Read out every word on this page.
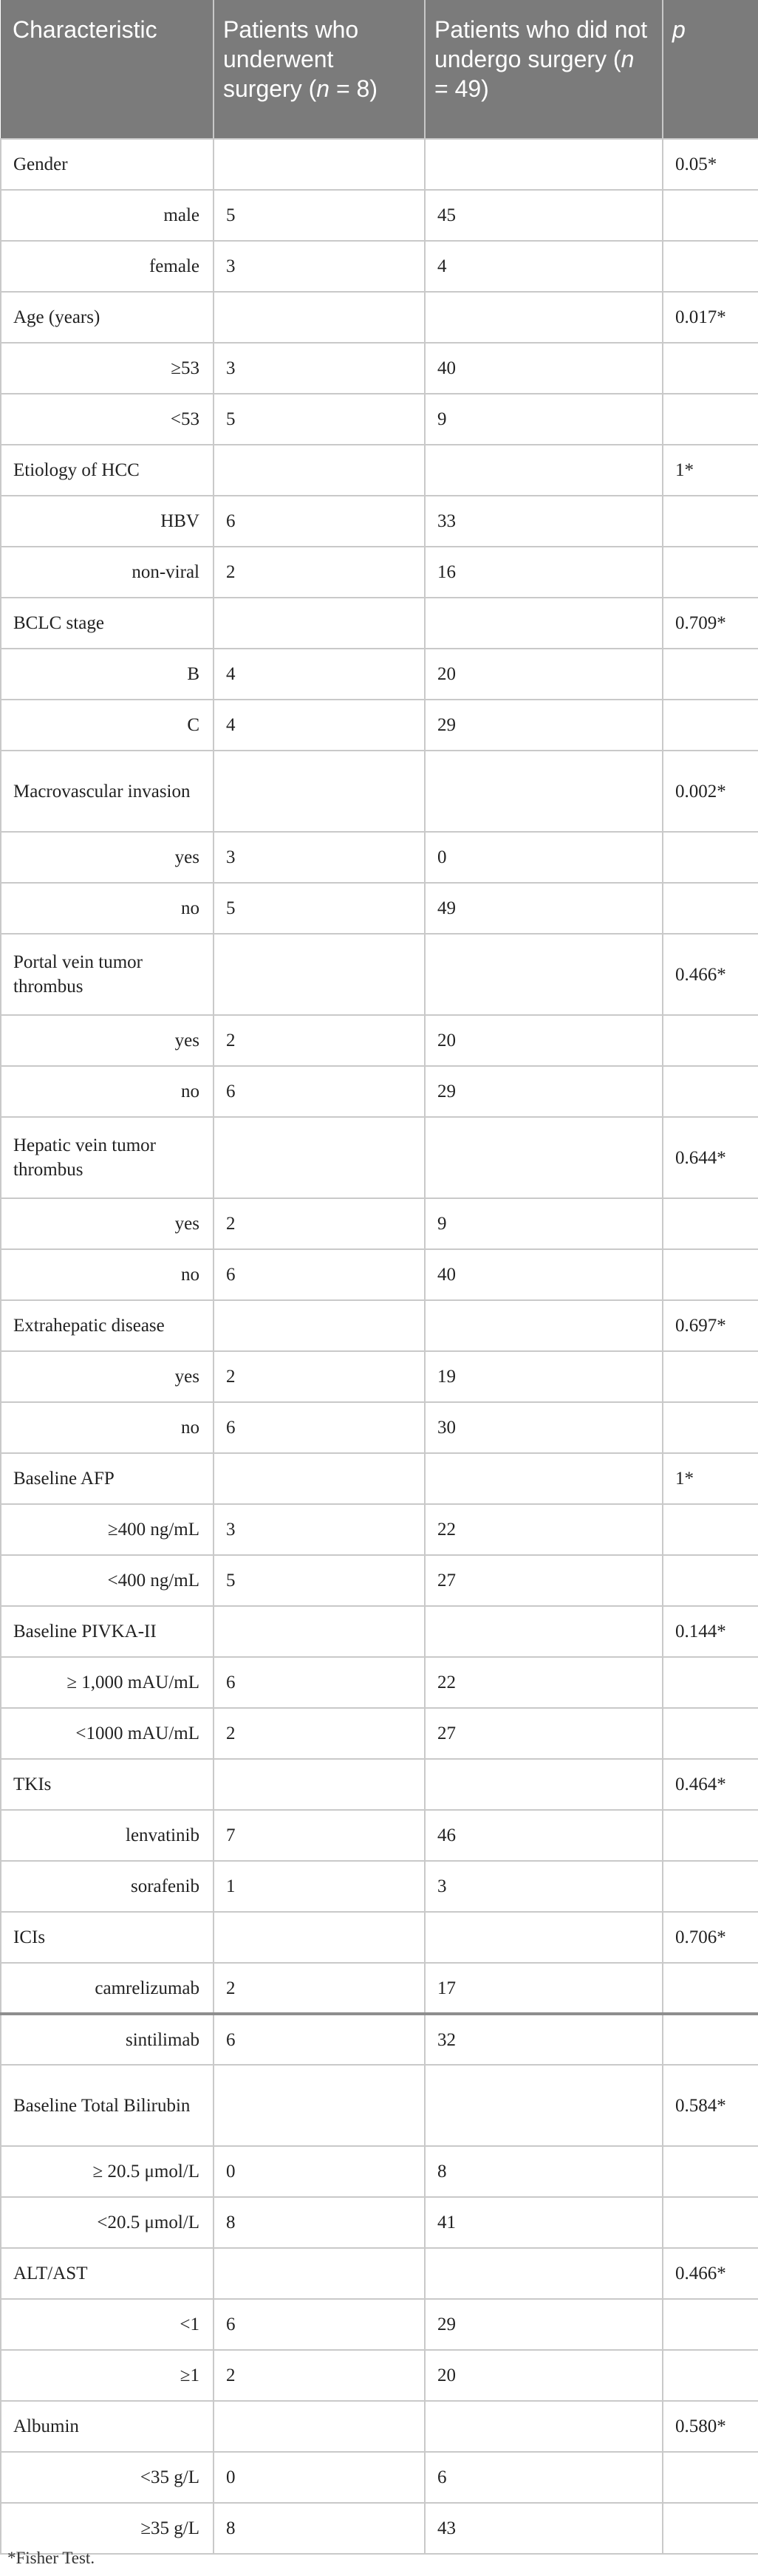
Characteristic	Patients who underwent surgery (n = 8)	Patients who did not undergo surgery (n = 49)	p
Gender			0.05*
male	5	45	
female	3	4	
Age (years)			0.017*
≥53	3	40	
<53	5	9	
Etiology of HCC			1*
HBV	6	33	
non-viral	2	16	
BCLC stage			0.709*
B	4	20	
C	4	29	
Macrovascular invasion			0.002*
yes	3	0	
no	5	49	
Portal vein tumor thrombus			0.466*
yes	2	20	
no	6	29	
Hepatic vein tumor thrombus			0.644*
yes	2	9	
no	6	40	
Extrahepatic disease			0.697*
yes	2	19	
no	6	30	
Baseline AFP			1*
≥400 ng/mL	3	22	
<400 ng/mL	5	27	
Baseline PIVKA-II			0.144*
≥ 1,000 mAU/mL	6	22	
<1000 mAU/mL	2	27	
TKIs			0.464*
lenvatinib	7	46	
sorafenib	1	3	
ICIs			0.706*
camrelizumab	2	17	
sintilimab	6	32	
Baseline Total Bilirubin			0.584*
≥ 20.5 μmol/L	0	8	
<20.5 μmol/L	8	41	
ALT/AST			0.466*
<1	6	29	
≥1	2	20	
Albumin			0.580*
<35 g/L	0	6	
≥35 g/L	8	43	
*Fisher Test.
